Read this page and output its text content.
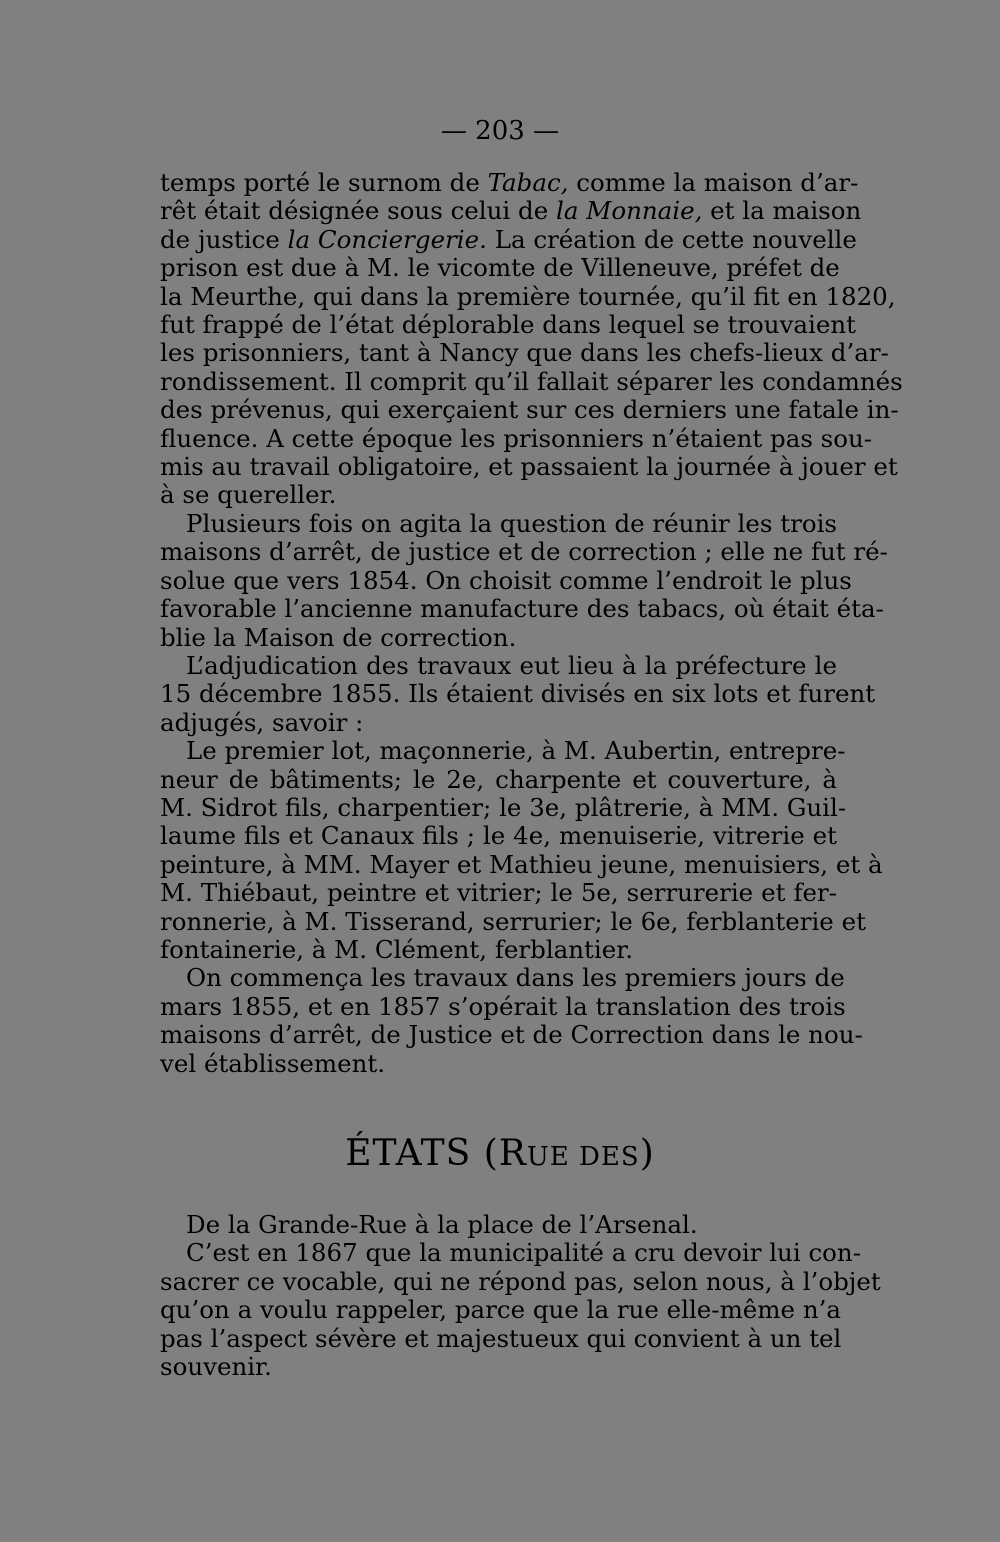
— 203 —
temps porté le surnom de Tabac, comme la maison d’ar-
rêt était désignée sous celui de la Monnaie, et la maison
de justice la Conciergerie. La création de cette nouvelle
prison est due à M. le vicomte de Villeneuve, préfet de
la Meurthe, qui dans la première tournée, qu’il fit en 1820,
fut frappé de l’état déplorable dans lequel se trouvaient
les prisonniers, tant à Nancy que dans les chefs-lieux d’ar-
rondissement. Il comprit qu’il fallait séparer les condamnés
des prévenus, qui exerçaient sur ces derniers une fatale in-
fluence. A cette époque les prisonniers n’étaient pas sou-
mis au travail obligatoire, et passaient la journée à jouer et
à se quereller.
Plusieurs fois on agita la question de réunir les trois
maisons d’arrêt, de justice et de correction ; elle ne fut ré-
solue que vers 1854. On choisit comme l’endroit le plus
favorable l’ancienne manufacture des tabacs, où était éta-
blie la Maison de correction.
L’adjudication des travaux eut lieu à la préfecture le
15 décembre 1855. Ils étaient divisés en six lots et furent
adjugés, savoir :
Le premier lot, maçonnerie, à M. Aubertin, entrepre-
neur de bâtiments; le 2e, charpente et couverture, à
M. Sidrot fils, charpentier; le 3e, plâtrerie, à MM. Guil-
laume fils et Canaux fils ; le 4e, menuiserie, vitrerie et
peinture, à MM. Mayer et Mathieu jeune, menuisiers, et à
M. Thiébaut, peintre et vitrier; le 5e, serrurerie et fer-
ronnerie, à M. Tisserand, serrurier; le 6e, ferblanterie et
fontainerie, à M. Clément, ferblantier.
On commença les travaux dans les premiers jours de
mars 1855, et en 1857 s’opérait la translation des trois
maisons d’arrêt, de Justice et de Correction dans le nou-
vel établissement.
ÉTATS (RUE DES)
De la Grande-Rue à la place de l’Arsenal.
C’est en 1867 que la municipalité a cru devoir lui con-
sacrer ce vocable, qui ne répond pas, selon nous, à l’objet
qu’on a voulu rappeler, parce que la rue elle-même n’a
pas l’aspect sévère et majestueux qui convient à un tel
souvenir.
